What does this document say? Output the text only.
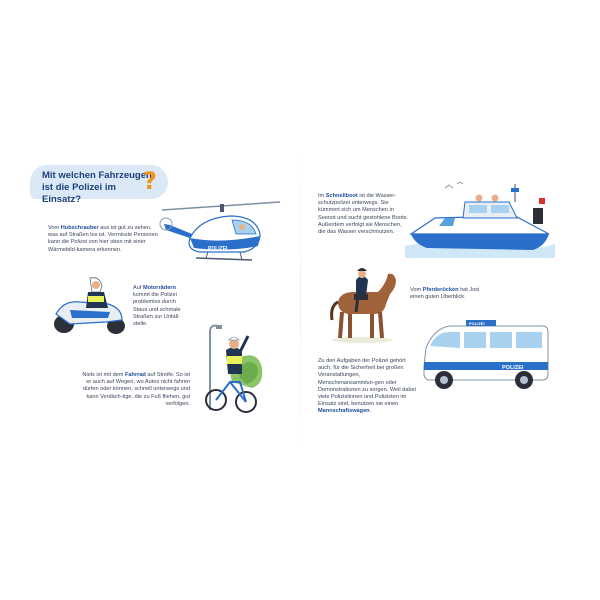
Mit welchen Fahrzeugen
ist die Polizei im Einsatz?
?
POLIZEI
Vom Hubschrauber aus ist gut zu sehen, was auf Straßen los ist. Vermisste Personen kann die Polizei von hier oben mit einer Wärmebild-kamera erkennen.
Auf Motorrädern kommt die Polizei problemlos durch Staus und schmale Straßen zur Unfall-stelle.
Niels ist mit dem Fahrrad auf Streife. So ist er auch auf Wegen, wo Autos nicht fahren dürfen oder können, schnell unterwegs und kann Verdäch-tige, die zu Fuß fliehen, gut verfolgen.
POLIZEI
Im Schnellboot ist die Wasser-schutzpolizei unterwegs. Sie kümmert sich um Menschen in Seenot und sucht gestohlene Boote. Außerdem verfolgt sie Menschen, die das Wasser verschmutzen.
Vom Pferderücken hat Josi einen guten Überblick.
POLIZEI
POLIZEI
Zu den Aufgaben der Polizei gehört auch, für die Sicherheit bei großen Veranstaltungen, Menschenansammlun-gen oder Demonstrationen zu sorgen. Weil dabei viele Polizistinnen und Polizisten im Einsatz sind, benutzen sie einen Mannschaftswagen.
